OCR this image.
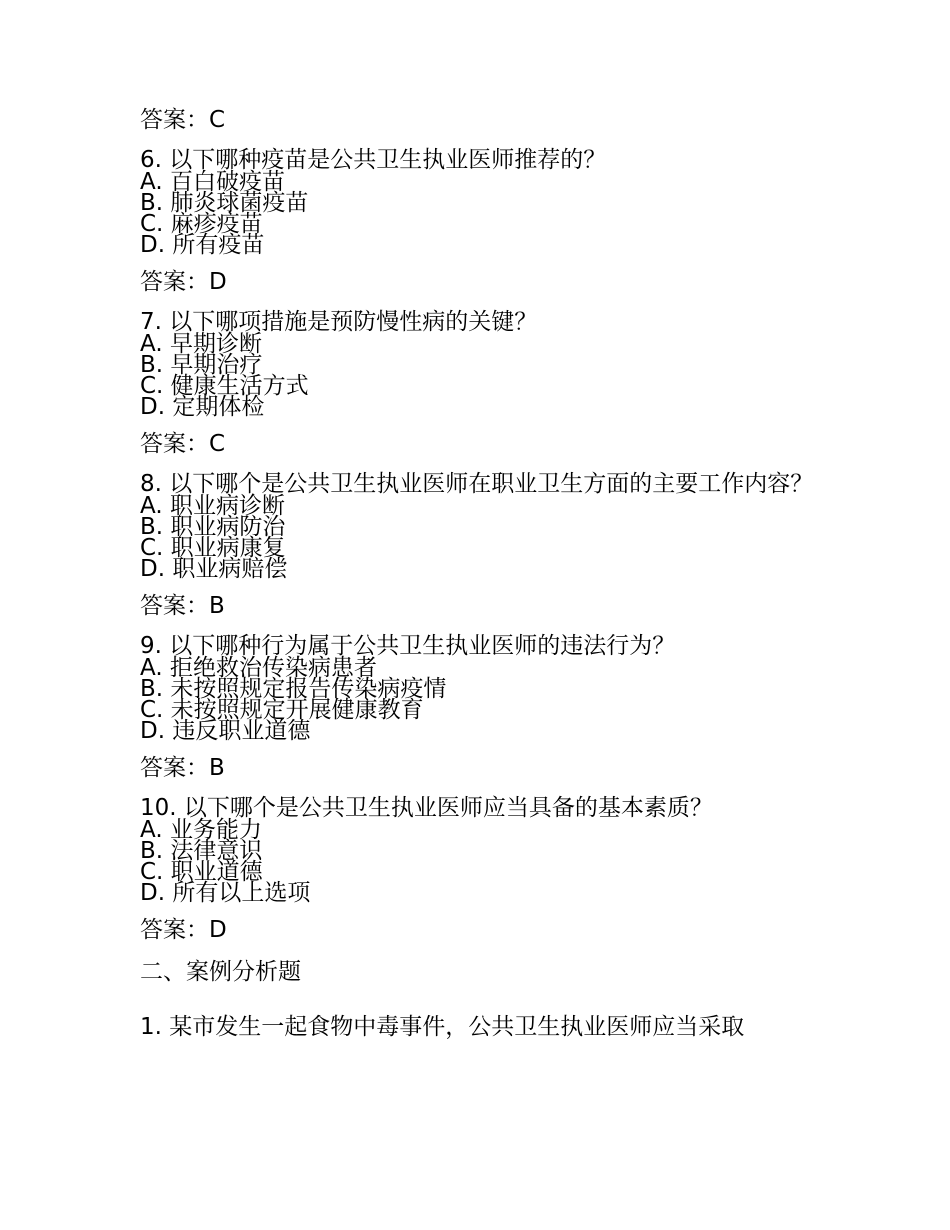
答案：C

6. 以下哪种疫苗是公共卫生执业医师推荐的？

A. 百白破疫苗

B. 肺炎球菌疫苗

C. 麻疹疫苗

D. 所有疫苗

答案：D

7. 以下哪项措施是预防慢性病的关键？

A. 早期诊断

B. 早期治疗

C. 健康生活方式

D. 定期体检

答案：C

8. 以下哪个是公共卫生执业医师在职业卫生方面的主要工作内容？

A. 职业病诊断

B. 职业病防治

C. 职业病康复

D. 职业病赔偿

答案：B

9. 以下哪种行为属于公共卫生执业医师的违法行为？

A. 拒绝救治传染病患者

B. 未按照规定报告传染病疫情

C. 未按照规定开展健康教育

D. 违反职业道德

答案：B

10. 以下哪个是公共卫生执业医师应当具备的基本素质？

A. 业务能力

B. 法律意识

C. 职业道德

D. 所有以上选项

答案：D

二、案例分析题

1. 某市发生一起食物中毒事件，公共卫生执业医师应当采取
